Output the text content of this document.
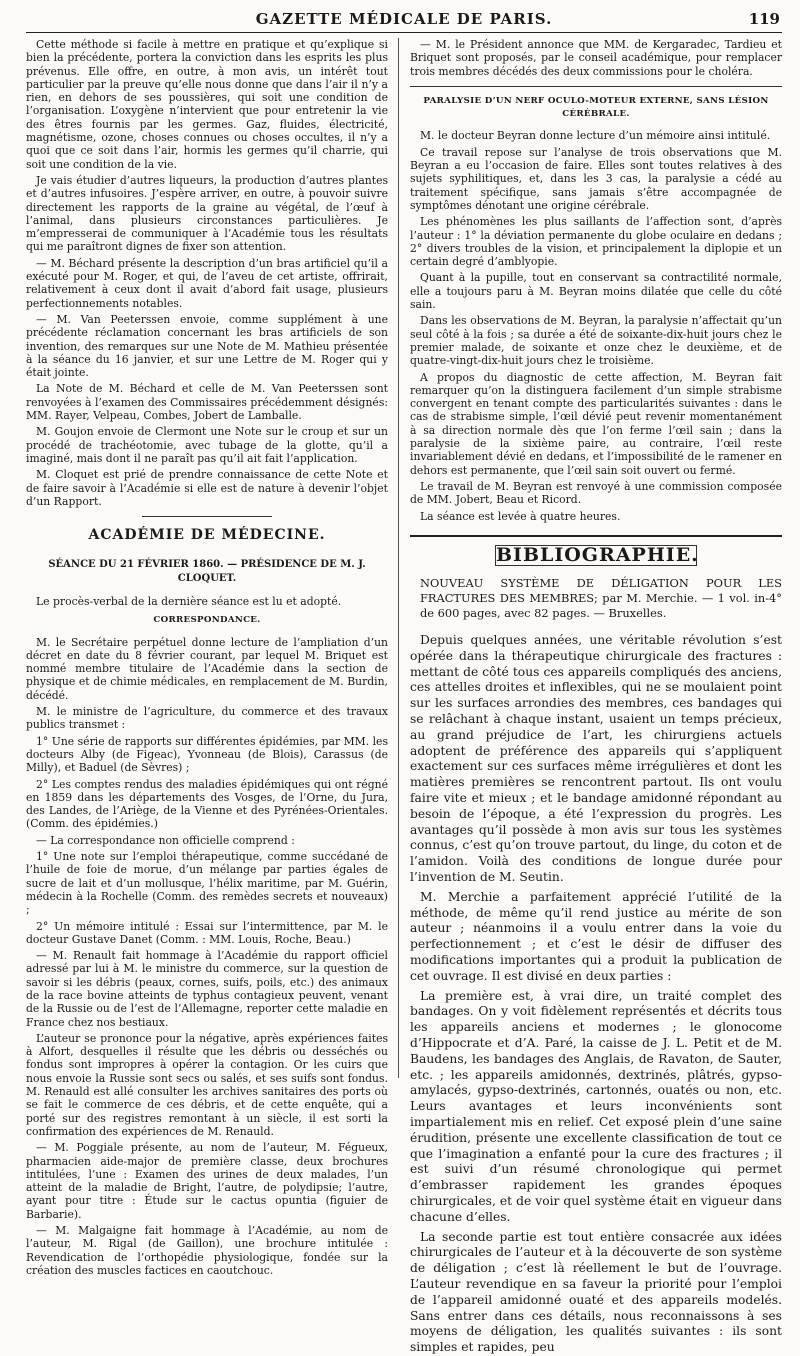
GAZETTE MÉDICALE DE PARIS.	119

Cette méthode si facile à mettre en pratique et qu’explique si bien la précédente, portera la conviction dans les esprits les plus prévenus. Elle offre, en outre, à mon avis, un intérêt tout particulier par la preuve qu’elle nous donne que dans l’air il n’y a rien, en dehors de ses poussières, qui soit une condition de l’organisation. L’oxygène n’intervient que pour entretenir la vie des êtres fournis par les germes. Gaz, fluides, électricité, magnétisme, ozone, choses connues ou choses occultes, il n’y a quoi que ce soit dans l’air, hormis les germes qu’il charrie, qui soit une condition de la vie.

Je vais étudier d’autres liqueurs, la production d’autres plantes et d’autres infusoires. J’espère arriver, en outre, à pouvoir suivre directement les rapports de la graine au végétal, de l’œuf à l’animal, dans plusieurs circonstances particulières. Je m’empresserai de communiquer à l’Académie tous les résultats qui me paraîtront dignes de fixer son attention.

— M. Béchard présente la description d’un bras artificiel qu’il a exécuté pour M. Roger, et qui, de l’aveu de cet artiste, offrirait, relativement à ceux dont il avait d’abord fait usage, plusieurs perfectionnements notables.

— M. Van Peeterssen envoie, comme supplément à une précédente réclamation concernant les bras artificiels de son invention, des remarques sur une Note de M. Mathieu présentée à la séance du 16 janvier, et sur une Lettre de M. Roger qui y était jointe.

La Note de M. Béchard et celle de M. Van Peeterssen sont renvoyées à l’examen des Commissaires précédemment désignés: MM. Rayer, Velpeau, Combes, Jobert de Lamballe.

M. Goujon envoie de Clermont une Note sur le croup et sur un procédé de trachéotomie, avec tubage de la glotte, qu’il a imaginé, mais dont il ne paraît pas qu’il ait fait l’application.

M. Cloquet est prié de prendre connaissance de cette Note et de faire savoir à l’Académie si elle est de nature à devenir l’objet d’un Rapport.

ACADÉMIE DE MÉDECINE.
SÉANCE DU 21 FÉVRIER 1860. — PRÉSIDENCE DE M. J. CLOQUET.

Le procès-verbal de la dernière séance est lu et adopté.

CORRESPONDANCE.

M. le Secrétaire perpétuel donne lecture de l’ampliation d’un décret en date du 8 février courant, par lequel M. Briquet est nommé membre titulaire de l’Académie dans la section de physique et de chimie médicales, en remplacement de M. Burdin, décédé.

M. le ministre de l’agriculture, du commerce et des travaux publics transmet :

1° Une série de rapports sur différentes épidémies, par MM. les docteurs Alby (de Figeac), Yvonneau (de Blois), Carassus (de Milly), et Baduel (de Sèvres) ;

2° Les comptes rendus des maladies épidémiques qui ont régné en 1859 dans les départements des Vosges, de l’Orne, du Jura, des Landes, de l’Ariège, de la Vienne et des Pyrénées-Orientales. (Comm. des épidémies.)

— La correspondance non officielle comprend :

1° Une note sur l’emploi thérapeutique, comme succédané de l’huile de foie de morue, d’un mélange par parties égales de sucre de lait et d’un mollusque, l’hélix maritime, par M. Guérin, médecin à la Rochelle (Comm. des remèdes secrets et nouveaux) ;

2° Un mémoire intitulé : Essai sur l’intermittence, par M. le docteur Gustave Danet (Comm. : MM. Louis, Roche, Beau.)

— M. Renault fait hommage à l’Académie du rapport officiel adressé par lui à M. le ministre du commerce, sur la question de savoir si les débris (peaux, cornes, suifs, poils, etc.) des animaux de la race bovine atteints de typhus contagieux peuvent, venant de la Russie ou de l’est de l’Allemagne, reporter cette maladie en France chez nos bestiaux.

L’auteur se prononce pour la négative, après expériences faites à Alfort, desquelles il résulte que les débris ou desséchés ou fondus sont impropres à opérer la contagion. Or les cuirs que nous envoie la Russie sont secs ou salés, et ses suifs sont fondus. M. Renauld est allé consulter les archives sanitaires des ports où se fait le commerce de ces débris, et de cette enquête, qui a porté sur des registres remontant à un siècle, il est sorti la confirmation des expériences de M. Renauld.

— M. Poggiale présente, au nom de l’auteur, M. Fégueux, pharmacien aide-major de première classe, deux brochures intitulées, l’une : Examen des urines de deux malades, l’un atteint de la maladie de Bright, l’autre, de polydipsie; l’autre, ayant pour titre : Étude sur le cactus opuntia (figuier de Barbarie).

— M. Malgaigne fait hommage à l’Académie, au nom de l’auteur, M. Rigal (de Gaillon), une brochure intitulée : Revendication de l’orthopédie physiologique, fondée sur la création des muscles factices en caoutchouc.

— M. le Président annonce que MM. de Kergaradec, Tardieu et Briquet sont proposés, par le conseil académique, pour remplacer trois membres décédés des deux commissions pour le choléra.

PARALYSIE D’UN NERF OCULO-MOTEUR EXTERNE, SANS LÉSION CÉRÉBRALE.

M. le docteur Beyran donne lecture d’un mémoire ainsi intitulé.

Ce travail repose sur l’analyse de trois observations que M. Beyran a eu l’occasion de faire. Elles sont toutes relatives à des sujets syphilitiques, et, dans les 3 cas, la paralysie a cédé au traitement spécifique, sans jamais s’être accompagnée de symptômes dénotant une origine cérébrale.

Les phénomènes les plus saillants de l’affection sont, d’après l’auteur : 1° la déviation permanente du globe oculaire en dedans ; 2° divers troubles de la vision, et principalement la diplopie et un certain degré d’amblyopie.

Quant à la pupille, tout en conservant sa contractilité normale, elle a toujours paru à M. Beyran moins dilatée que celle du côté sain.

Dans les observations de M. Beyran, la paralysie n’affectait qu’un seul côté à la fois ; sa durée a été de soixante-dix-huit jours chez le premier malade, de soixante et onze chez le deuxième, et de quatre-vingt-dix-huit jours chez le troisième.

A propos du diagnostic de cette affection, M. Beyran fait remarquer qu’on la distinguera facilement d’un simple strabisme convergent en tenant compte des particularités suivantes : dans le cas de strabisme simple, l’œil dévié peut revenir momentanément à sa direction normale dès que l’on ferme l’œil sain ; dans la paralysie de la sixième paire, au contraire, l’œil reste invariablement dévié en dedans, et l’impossibilité de le ramener en dehors est permanente, que l’œil sain soit ouvert ou fermé.

Le travail de M. Beyran est renvoyé à une commission composée de MM. Jobert, Beau et Ricord.

La séance est levée à quatre heures.

BIBLIOGRAPHIE.

NOUVEAU SYSTÈME DE DÉLIGATION POUR LES FRACTURES DES MEMBRES; par M. Merchie. — 1 vol. in-4° de 600 pages, avec 82 pages. — Bruxelles.

Depuis quelques années, une véritable révolution s’est opérée dans la thérapeutique chirurgicale des fractures : mettant de côté tous ces appareils compliqués des anciens, ces attelles droites et inflexibles, qui ne se moulaient point sur les surfaces arrondies des membres, ces bandages qui se relâchant à chaque instant, usaient un temps précieux, au grand préjudice de l’art, les chirurgiens actuels adoptent de préférence des appareils qui s’appliquent exactement sur ces surfaces même irrégulières et dont les matières premières se rencontrent partout. Ils ont voulu faire vite et mieux ; et le bandage amidonné répondant au besoin de l’époque, a été l’expression du progrès. Les avantages qu’il possède à mon avis sur tous les systèmes connus, c’est qu’on trouve partout, du linge, du coton et de l’amidon. Voilà des conditions de longue durée pour l’invention de M. Seutin.

M. Merchie a parfaitement apprécié l’utilité de la méthode, de même qu’il rend justice au mérite de son auteur ; néanmoins il a voulu entrer dans la voie du perfectionnement ; et c’est le désir de diffuser des modifications importantes qui a produit la publication de cet ouvrage. Il est divisé en deux parties :

La première est, à vrai dire, un traité complet des bandages. On y voit fidèlement représentés et décrits tous les appareils anciens et modernes ; le glonocome d’Hippocrate et d’A. Paré, la caisse de J. L. Petit et de M. Baudens, les bandages des Anglais, de Ravaton, de Sauter, etc. ; les appareils amidonnés, dextrinés, plâtrés, gypso-amylacés, gypso-dextrinés, cartonnés, ouatés ou non, etc. Leurs avantages et leurs inconvénients sont impartialement mis en relief. Cet exposé plein d’une saine érudition, présente une excellente classification de tout ce que l’imagination a enfanté pour la cure des fractures ; il est suivi d’un résumé chronologique qui permet d’embrasser rapidement les grandes époques chirurgicales, et de voir quel système était en vigueur dans chacune d’elles.

La seconde partie est tout entière consacrée aux idées chirurgicales de l’auteur et à la découverte de son système de déligation ; c’est là réellement le but de l’ouvrage. L’auteur revendique en sa faveur la priorité pour l’emploi de l’appareil amidonné ouaté et des appareils modelés. Sans entrer dans ces détails, nous reconnaissons à ses moyens de déligation, les qualités suivantes : ils sont simples et rapides, peu
